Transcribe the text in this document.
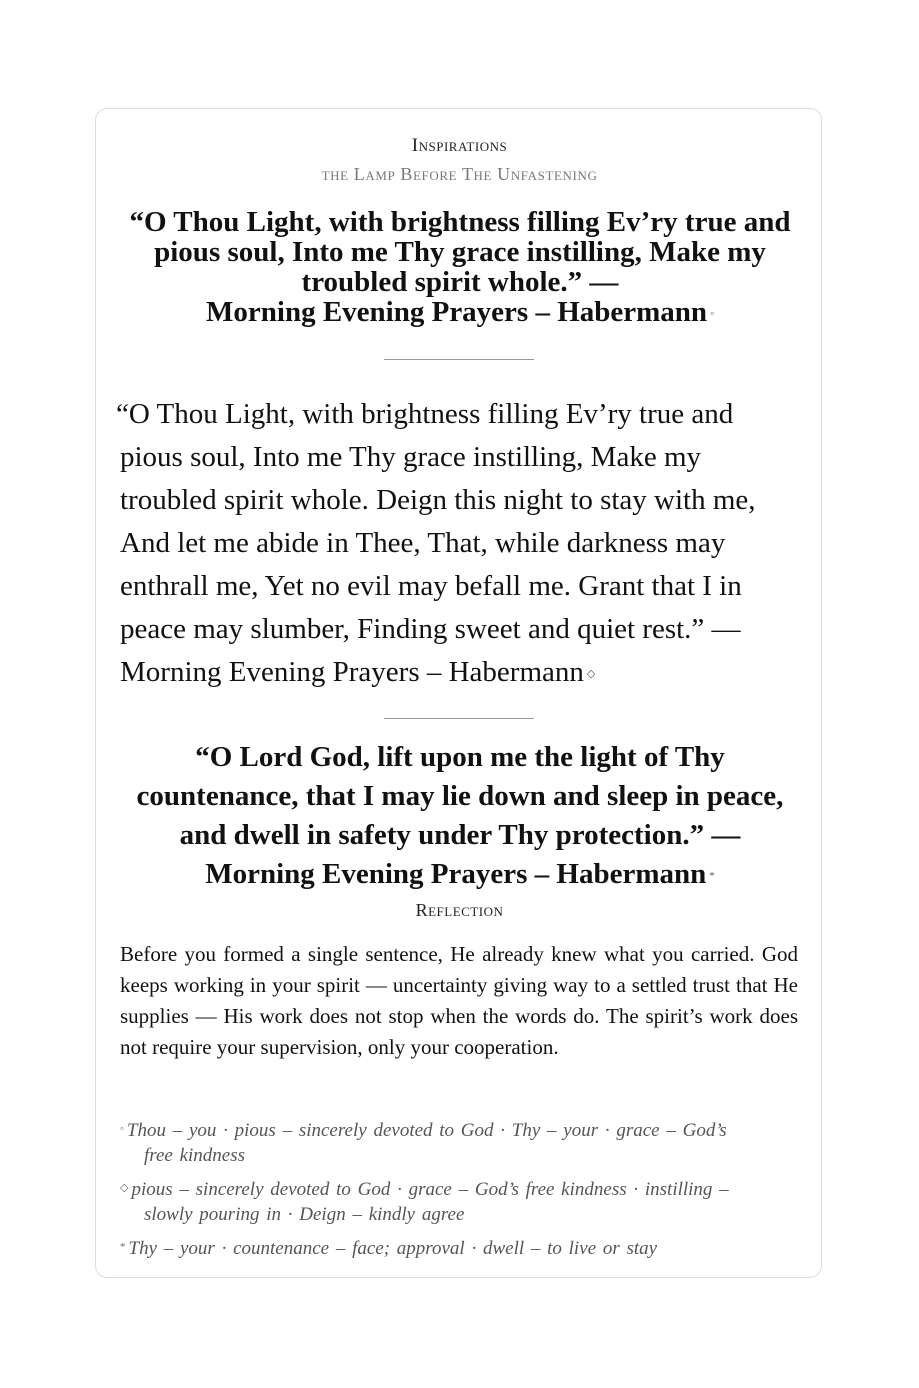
Inspirations
the Lamp Before The Unfastening
“O Thou Light, with brightness filling Ev’ry true and pious soul, Into me Thy grace instilling, Make my troubled spirit whole.” —
Morning Evening Prayers – Habermann ◦
“O Thou Light, with brightness filling Ev’ry true and pious soul, Into me Thy grace instilling, Make my troubled spirit whole. Deign this night to stay with me, And let me abide in Thee, That, while darkness may enthrall me, Yet no evil may befall me. Grant that I in peace may slumber, Finding sweet and quiet rest.” — Morning Evening Prayers – Habermann ◇
“O Lord God, lift upon me the light of Thy countenance, that I may lie down and sleep in peace, and dwell in safety under Thy protection.” —
Morning Evening Prayers – Habermann *
Reflection
Before you formed a single sentence, He already knew what you carried. God keeps working in your spirit — uncertainty giving way to a settled trust that He supplies — His work does not stop when the words do. The spirit’s work does not require your supervision, only your cooperation.
◦ Thou – you · pious – sincerely devoted to God · Thy – your · grace – God’s free kindness
◇ pious – sincerely devoted to God · grace – God’s free kindness · instilling – slowly pouring in · Deign – kindly agree
* Thy – your · countenance – face; approval · dwell – to live or stay
